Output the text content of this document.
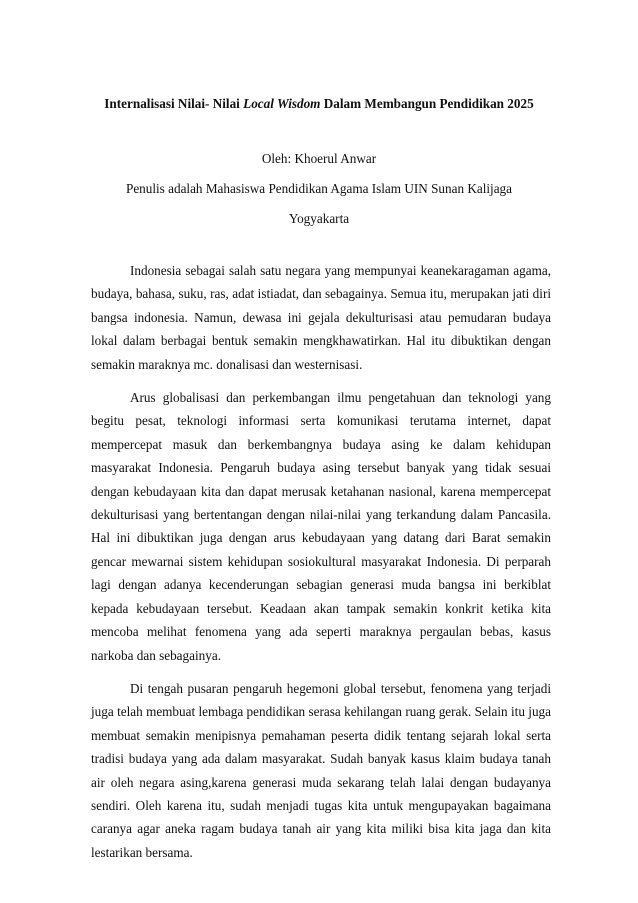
Internalisasi Nilai- Nilai Local Wisdom Dalam Membangun Pendidikan 2025
Oleh: Khoerul Anwar
Penulis adalah Mahasiswa Pendidikan Agama Islam UIN Sunan Kalijaga
Yogyakarta

Indonesia sebagai salah satu negara yang mempunyai keanekaragaman agama, budaya, bahasa, suku, ras, adat istiadat, dan sebagainya. Semua itu, merupakan jati diri bangsa indonesia. Namun, dewasa ini gejala dekulturisasi atau pemudaran budaya lokal dalam berbagai bentuk semakin mengkhawatirkan. Hal itu dibuktikan dengan semakin maraknya mc. donalisasi dan westernisasi.

Arus globalisasi dan perkembangan ilmu pengetahuan dan teknologi yang begitu pesat, teknologi informasi serta komunikasi terutama internet, dapat mempercepat masuk dan berkembangnya budaya asing ke dalam kehidupan masyarakat Indonesia. Pengaruh budaya asing tersebut banyak yang tidak sesuai dengan kebudayaan kita dan dapat merusak ketahanan nasional, karena mempercepat dekulturisasi yang bertentangan dengan nilai-nilai yang terkandung dalam Pancasila. Hal ini dibuktikan juga dengan arus kebudayaan yang datang dari Barat semakin gencar mewarnai sistem kehidupan sosiokultural masyarakat Indonesia. Di perparah lagi dengan adanya kecenderungan sebagian generasi muda bangsa ini berkiblat kepada kebudayaan tersebut. Keadaan akan tampak semakin konkrit ketika kita mencoba melihat fenomena yang ada seperti maraknya pergaulan bebas, kasus narkoba dan sebagainya.

Di tengah pusaran pengaruh hegemoni global tersebut, fenomena yang terjadi juga telah membuat lembaga pendidikan serasa kehilangan ruang gerak. Selain itu juga membuat semakin menipisnya pemahaman peserta didik tentang sejarah lokal serta tradisi budaya yang ada dalam masyarakat. Sudah banyak kasus klaim budaya tanah air oleh negara asing,karena generasi muda sekarang telah lalai dengan budayanya sendiri. Oleh karena itu, sudah menjadi tugas kita untuk mengupayakan bagaimana caranya agar aneka ragam budaya tanah air yang kita miliki bisa kita jaga dan kita lestarikan bersama.
